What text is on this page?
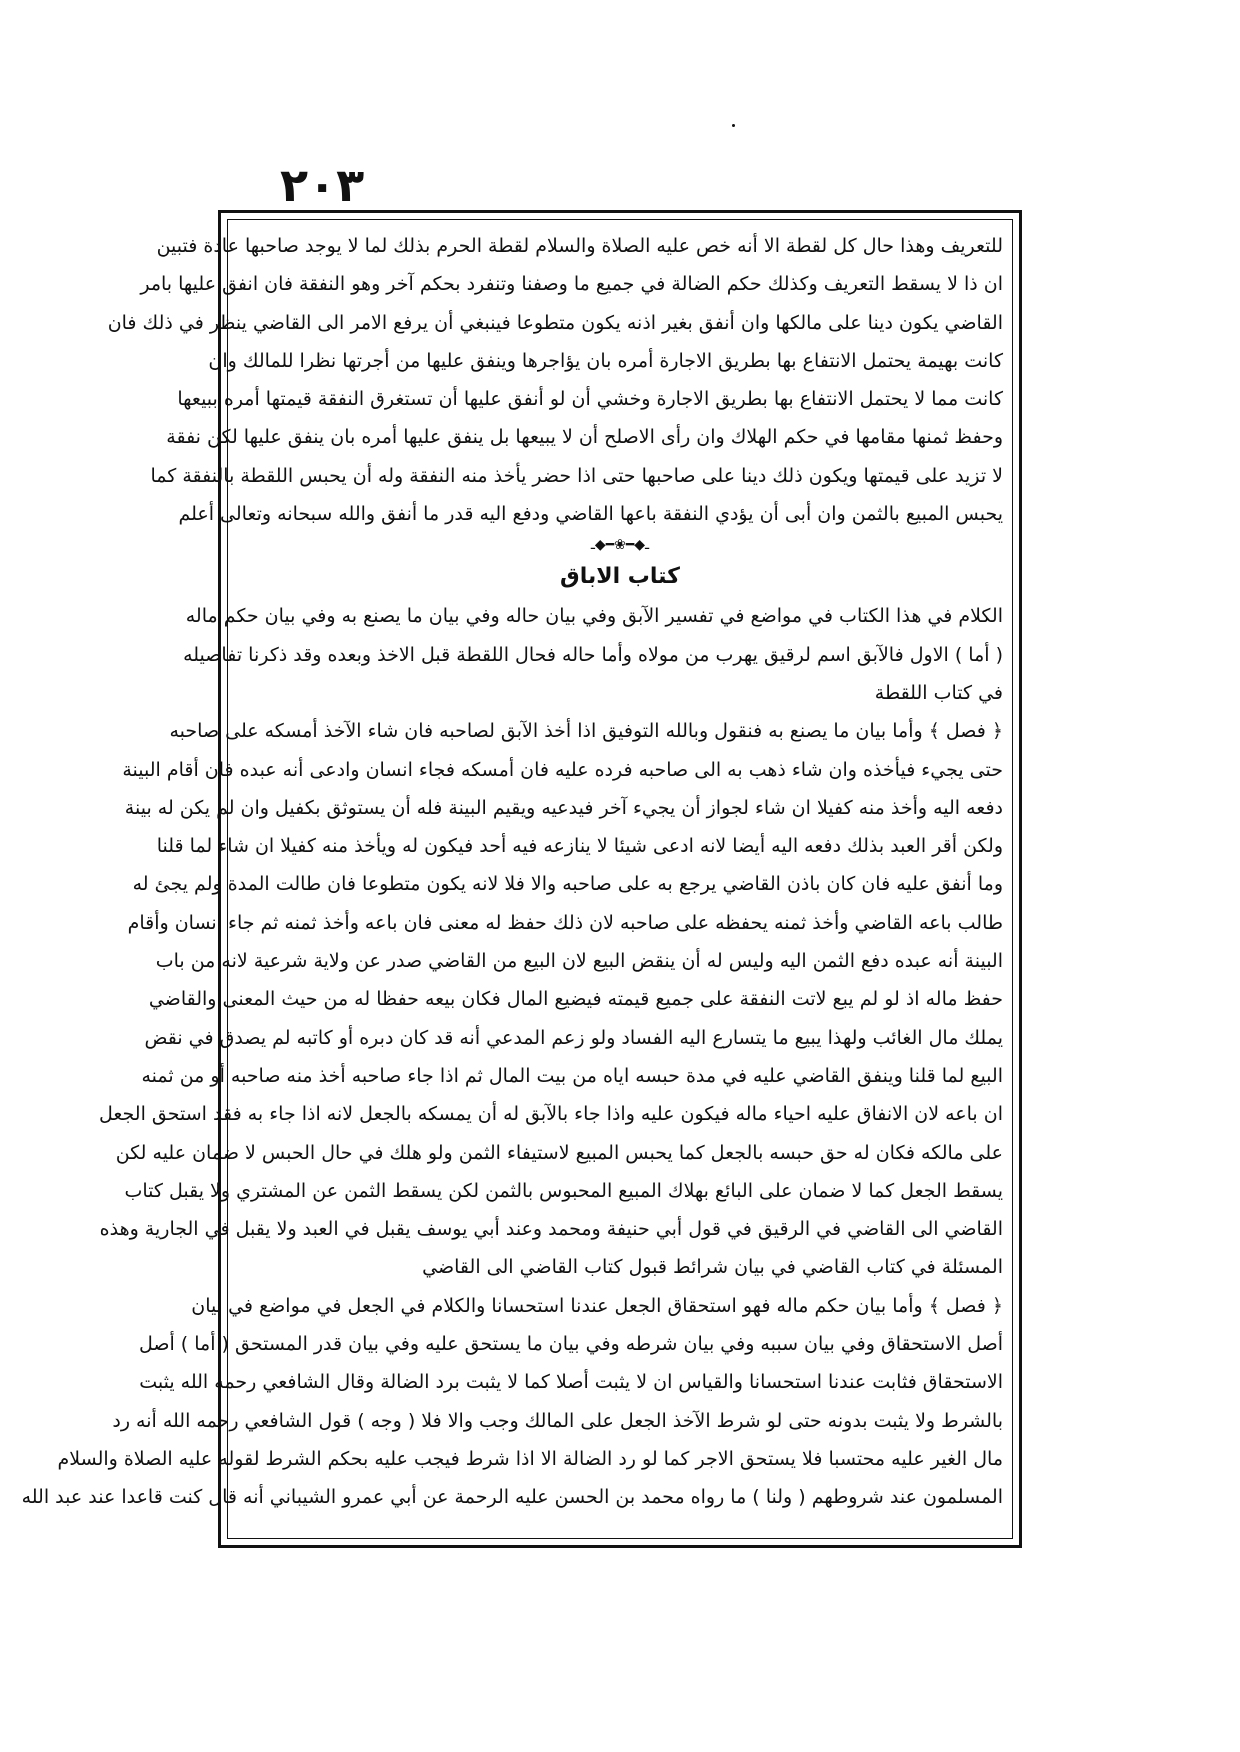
٢٠٣
للتعريف وهذا حال كل لقطة الا أنه خص عليه الصلاة والسلام لقطة الحرم بذلك لما لا يوجد صاحبها عادة فتبين
ان ذا لا يسقط التعريف وكذلك حكم الضالة في جميع ما وصفنا وتنفرد بحكم آخر وهو النفقة فان انفق عليها بامر
القاضي يكون دينا على مالكها وان أنفق بغير اذنه يكون متطوعا فينبغي أن يرفع الامر الى القاضي ينظر في ذلك فان
كانت بهيمة يحتمل الانتفاع بها بطريق الاجارة أمره بان يؤاجرها وينفق عليها من أجرتها نظرا للمالك وان
كانت مما لا يحتمل الانتفاع بها بطريق الاجارة وخشي أن لو أنفق عليها أن تستغرق النفقة قيمتها أمره ببيعها
وحفظ ثمنها مقامها في حكم الهلاك وان رأى الاصلح أن لا يبيعها بل ينفق عليها أمره بان ينفق عليها لكن نفقة
لا تزيد على قيمتها ويكون ذلك دينا على صاحبها حتى اذا حضر يأخذ منه النفقة وله أن يحبس اللقطة بالنفقة كما
يحبس المبيع بالثمن وان أبى أن يؤدي النفقة باعها القاضي ودفع اليه قدر ما أنفق والله سبحانه وتعالى أعلم
ـ◆━❀━◆ـ
كتاب الاباق
الكلام في هذا الكتاب في مواضع في تفسير الآبق وفي بيان حاله وفي بيان ما يصنع به وفي بيان حكم ماله
( أما ) الاول فالآبق اسم لرقيق يهرب من مولاه وأما حاله فحال اللقطة قبل الاخذ وبعده وقد ذكرنا تفاصيله
في كتاب اللقطة
﴿ فصل ﴾ وأما بيان ما يصنع به فنقول وبالله التوفيق اذا أخذ الآبق لصاحبه فان شاء الآخذ أمسكه على صاحبه
حتى يجيء فيأخذه وان شاء ذهب به الى صاحبه فرده عليه فان أمسكه فجاء انسان وادعى أنه عبده فان أقام البينة
دفعه اليه وأخذ منه كفيلا ان شاء لجواز أن يجيء آخر فيدعيه ويقيم البينة فله أن يستوثق بكفيل وان لم يكن له بينة
ولكن أقر العبد بذلك دفعه اليه أيضا لانه ادعى شيئا لا ينازعه فيه أحد فيكون له ويأخذ منه كفيلا ان شاء لما قلنا
وما أنفق عليه فان كان باذن القاضي يرجع به على صاحبه والا فلا لانه يكون متطوعا فان طالت المدة ولم يجئ له
طالب باعه القاضي وأخذ ثمنه يحفظه على صاحبه لان ذلك حفظ له معنى فان باعه وأخذ ثمنه ثم جاء انسان وأقام
البينة أنه عبده دفع الثمن اليه وليس له أن ينقض البيع لان البيع من القاضي صدر عن ولاية شرعية لانه من باب
حفظ ماله اذ لو لم يبع لاتت النفقة على جميع قيمته فيضيع المال فكان بيعه حفظا له من حيث المعنى والقاضي
يملك مال الغائب ولهذا يبيع ما يتسارع اليه الفساد ولو زعم المدعي أنه قد كان دبره أو كاتبه لم يصدق في نقض
البيع لما قلنا وينفق القاضي عليه في مدة حبسه اياه من بيت المال ثم اذا جاء صاحبه أخذ منه صاحبه أو من ثمنه
ان باعه لان الانفاق عليه احياء ماله فيكون عليه واذا جاء بالآبق له أن يمسكه بالجعل لانه اذا جاء به فقد استحق الجعل
على مالكه فكان له حق حبسه بالجعل كما يحبس المبيع لاستيفاء الثمن ولو هلك في حال الحبس لا ضمان عليه لكن
يسقط الجعل كما لا ضمان على البائع بهلاك المبيع المحبوس بالثمن لكن يسقط الثمن عن المشتري ولا يقبل كتاب
القاضي الى القاضي في الرقيق في قول أبي حنيفة ومحمد وعند أبي يوسف يقبل في العبد ولا يقبل في الجارية وهذه
المسئلة في كتاب القاضي في بيان شرائط قبول كتاب القاضي الى القاضي
﴿ فصل ﴾ وأما بيان حكم ماله فهو استحقاق الجعل عندنا استحسانا والكلام في الجعل في مواضع في بيان
أصل الاستحقاق وفي بيان سببه وفي بيان شرطه وفي بيان ما يستحق عليه وفي بيان قدر المستحق ( أما ) أصل
الاستحقاق فثابت عندنا استحسانا والقياس ان لا يثبت أصلا كما لا يثبت برد الضالة وقال الشافعي رحمه الله يثبت
بالشرط ولا يثبت بدونه حتى لو شرط الآخذ الجعل على المالك وجب والا فلا ( وجه ) قول الشافعي رحمه الله أنه رد
مال الغير عليه محتسبا فلا يستحق الاجر كما لو رد الضالة الا اذا شرط فيجب عليه بحكم الشرط لقوله عليه الصلاة والسلام
المسلمون عند شروطهم ( ولنا ) ما رواه محمد بن الحسن عليه الرحمة عن أبي عمرو الشيباني أنه قال كنت قاعدا عند عبد الله
